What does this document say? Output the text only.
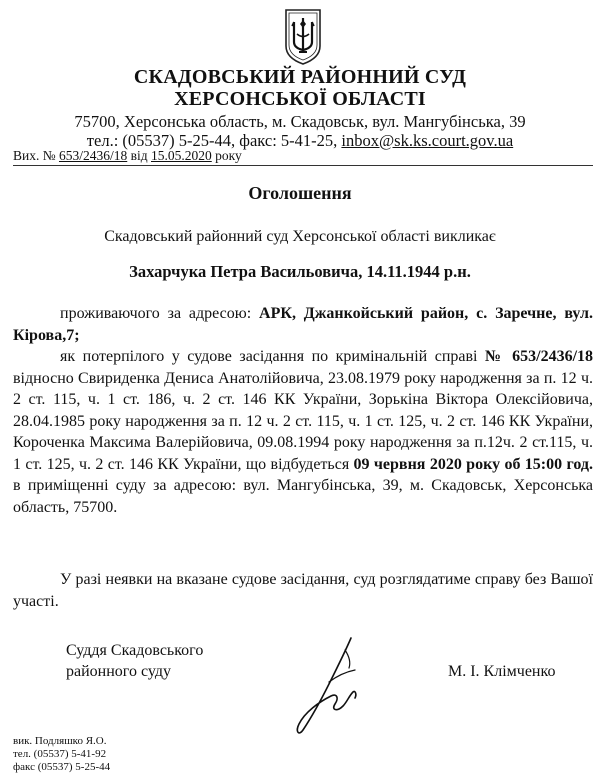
СКАДОВСЬКИЙ РАЙОННИЙ СУД
ХЕРСОНСЬКОЇ ОБЛАСТІ
75700, Херсонська область, м. Скадовськ, вул. Мангубінська, 39
тел.: (05537) 5-25-44, факс: 5-41-25, inbox@sk.ks.court.gov.ua
Вих. № 653/2436/18 від 15.05.2020 року
Оголошення
Скадовський районний суд Херсонської області викликає
Захарчука Петра Васильовича, 14.11.1944 р.н.
проживаючого за адресою: АРК, Джанкойський район, с. Заречне, вул. Кірова,7;
як потерпілого у судове засідання по кримінальній справі № 653/2436/18 відносно Свириденка Дениса Анатолійовича, 23.08.1979 року народження за п. 12 ч. 2 ст. 115, ч. 1 ст. 186, ч. 2 ст. 146 КК України, Зорькіна Віктора Олексійовича, 28.04.1985 року народження за п. 12 ч. 2 ст. 115, ч. 1 ст. 125, ч. 2 ст. 146 КК України, Короченка Максима Валерійовича, 09.08.1994 року народження за п.12ч. 2 ст.115, ч. 1 ст. 125, ч. 2 ст. 146 КК України, що відбудеться 09 червня 2020 року об 15:00 год. в приміщенні суду за адресою: вул. Мангубінська, 39, м. Скадовськ, Херсонська область, 75700.
У разі неявки на вказане судове засідання, суд розглядатиме справу без Вашої участі.
Суддя Скадовського
районного суду	М. І. Клімченко
вик. Подляшко Я.О.
тел. (05537) 5-41-92
факс (05537) 5-25-44
